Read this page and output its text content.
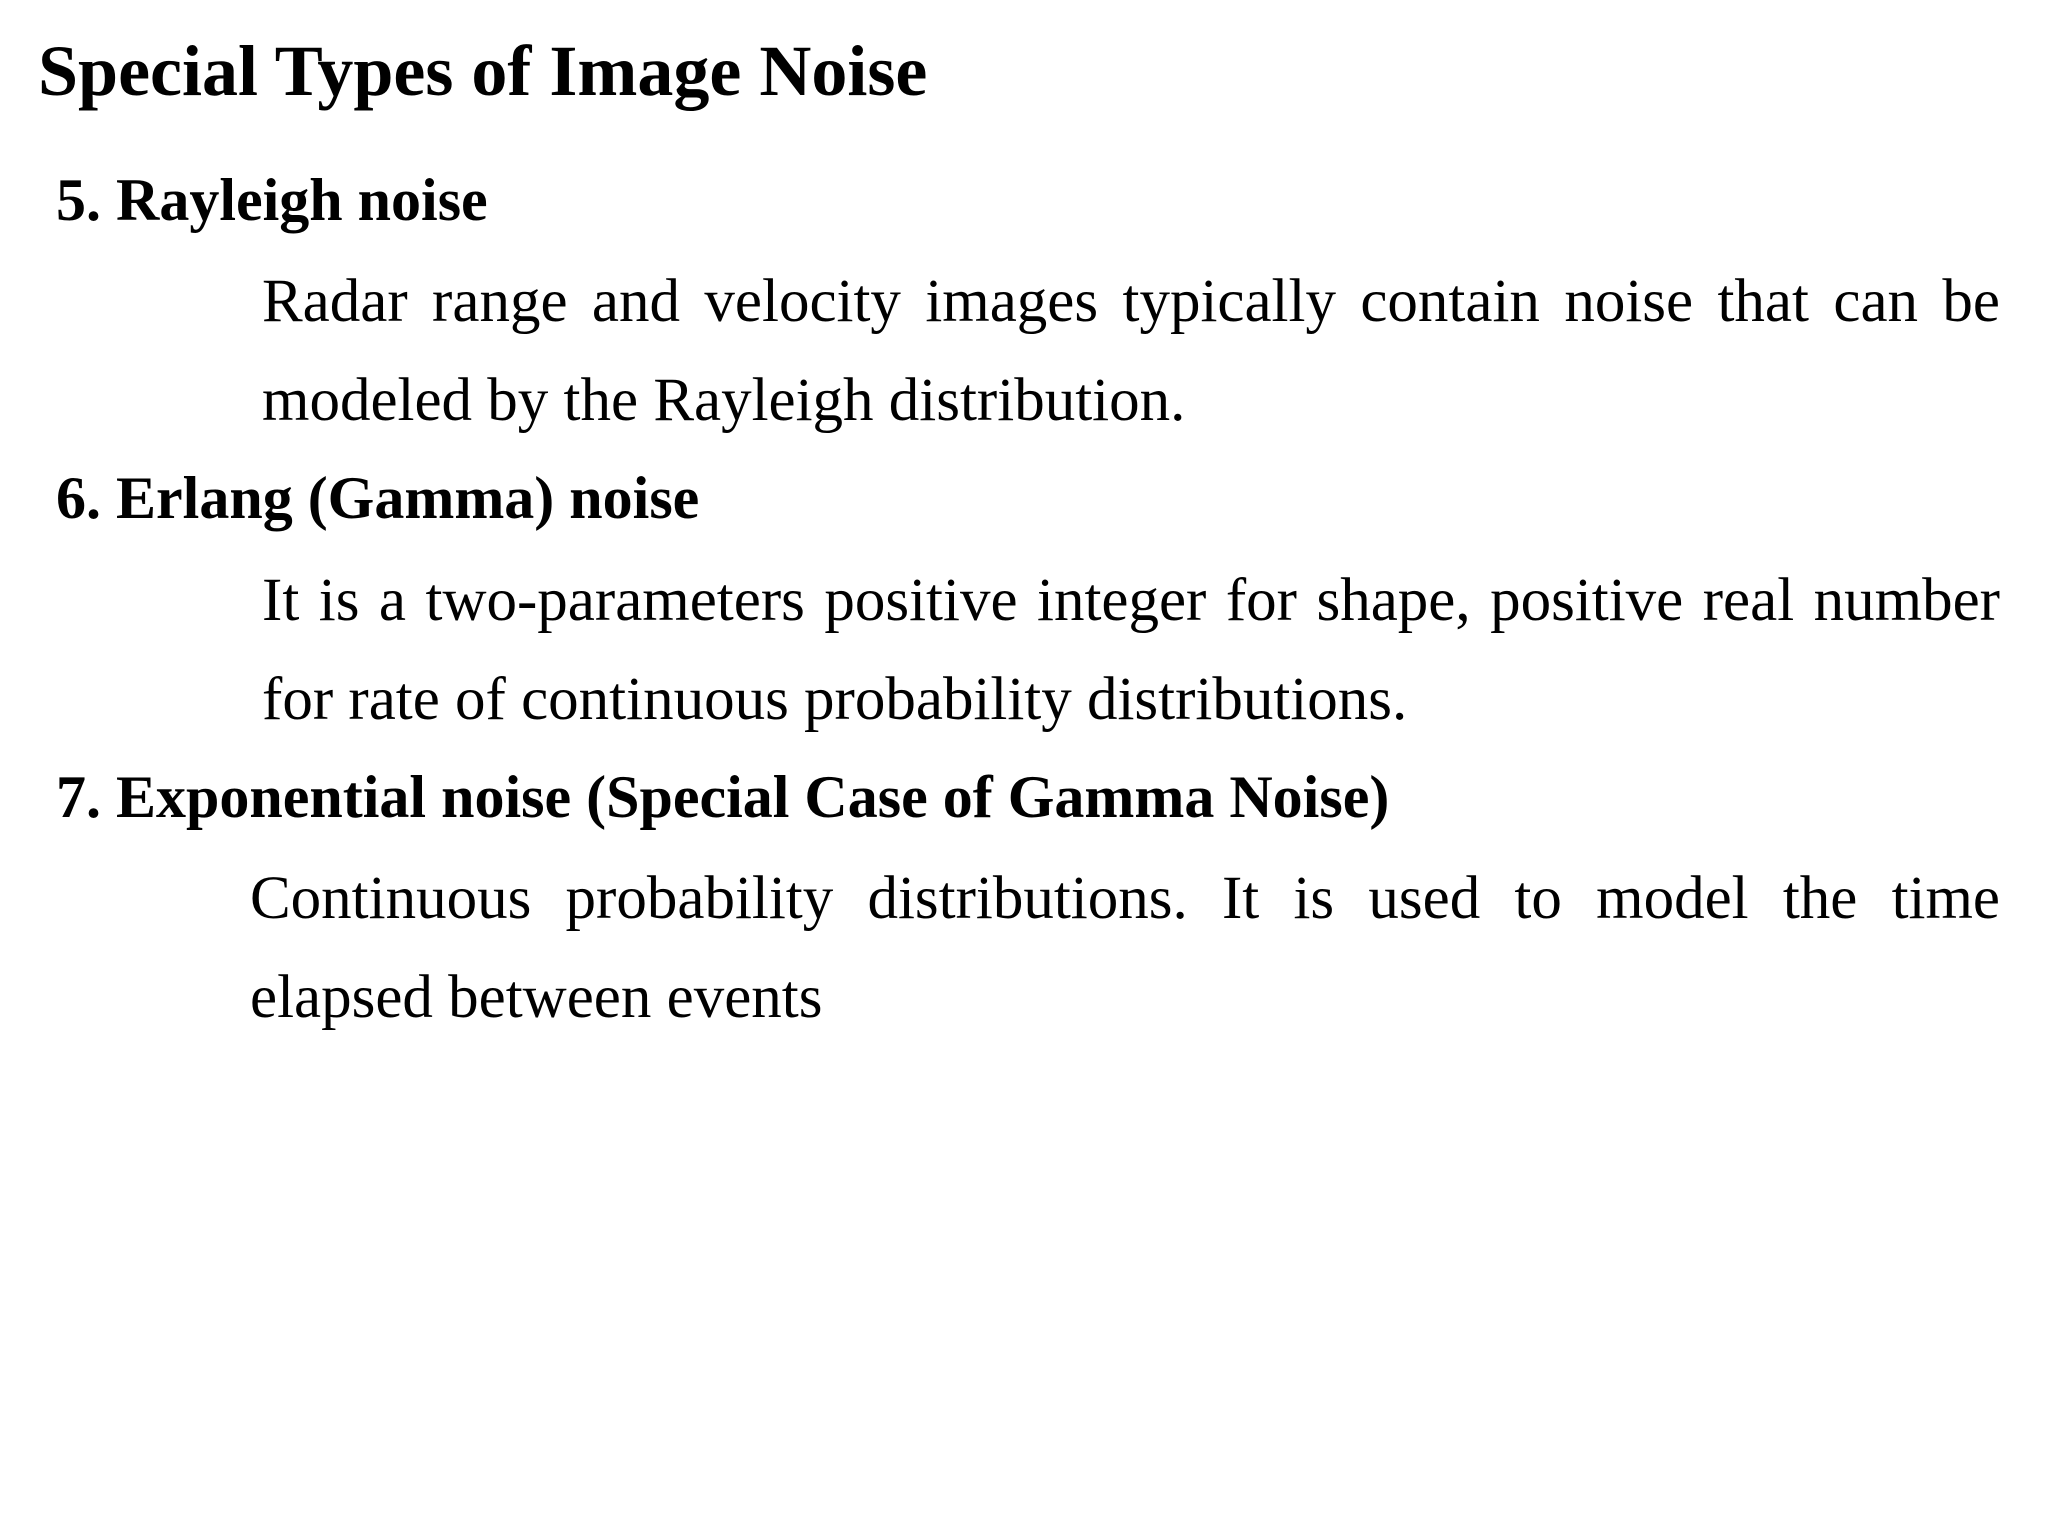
Special Types of Image Noise
5. Rayleigh noise

Radar range and velocity images typically contain noise that can be modeled by the Rayleigh distribution.

6. Erlang (Gamma) noise

It is a two-parameters positive integer for shape, positive real number for rate of continuous probability distributions.

7. Exponential noise (Special Case of Gamma Noise)

Continuous probability distributions. It is used to model the time elapsed between events
